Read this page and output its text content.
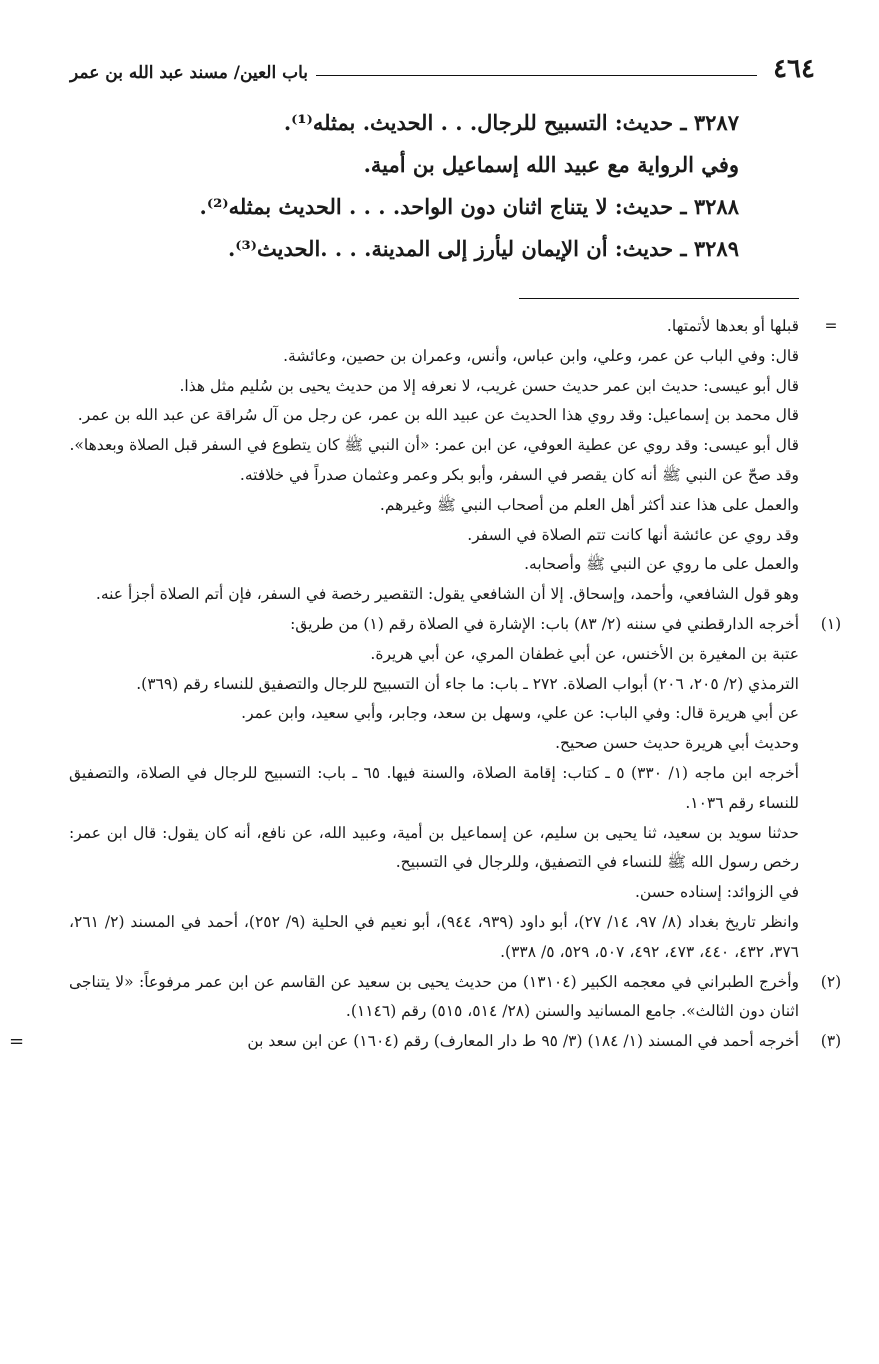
٤٦٤
باب العين/ مسند عبد الله بن عمر
٣٢٨٧ ـ حديث: التسبيح للرجال. . . الحديث. بمثله⁽¹⁾.
وفي الرواية مع عبيد الله إسماعيل بن أمية.
٣٢٨٨ ـ حديث: لا يتناج اثنان دون الواحد. . . . الحديث بمثله⁽²⁾.
٣٢٨٩ ـ حديث: أن الإيمان ليأرز إلى المدينة. . . .الحديث⁽³⁾.
=
قبلها أو بعدها لأتمتها.
قال: وفي الباب عن عمر، وعلي، وابن عباس، وأنس، وعمران بن حصين، وعائشة.
قال أبو عيسى: حديث ابن عمر حديث حسن غريب، لا نعرفه إلا من حديث يحيى بن سُليم مثل هذا.
قال محمد بن إسماعيل: وقد روي هذا الحديث عن عبيد الله بن عمر، عن رجل من آل سُراقة عن عبد الله بن عمر.
قال أبو عيسى: وقد روي عن عطية العوفي، عن ابن عمر: «أن النبي ﷺ كان يتطوع في السفر قبل الصلاة وبعدها».
وقد صحّ عن النبي ﷺ أنه كان يقصر في السفر، وأبو بكر وعمر وعثمان صدراً في خلافته.
والعمل على هذا عند أكثر أهل العلم من أصحاب النبي ﷺ وغيرهم.
وقد روي عن عائشة أنها كانت تتم الصلاة في السفر.
والعمل على ما روي عن النبي ﷺ وأصحابه.
وهو قول الشافعي، وأحمد، وإسحاق. إلا أن الشافعي يقول: التقصير رخصة في السفر، فإن أتم الصلاة أجزأ عنه.
(١)
أخرجه الدارقطني في سننه (٢/ ٨٣) باب: الإشارة في الصلاة رقم (١) من طريق:
عتبة بن المغيرة بن الأخنس، عن أبي غطفان المري، عن أبي هريرة.
الترمذي (٢/ ٢٠٥، ٢٠٦) أبواب الصلاة. ٢٧٢ ـ باب: ما جاء أن التسبيح للرجال والتصفيق للنساء رقم (٣٦٩).
عن أبي هريرة قال: وفي الباب: عن علي، وسهل بن سعد، وجابر، وأبي سعيد، وابن عمر.
وحديث أبي هريرة حديث حسن صحيح.
أخرجه ابن ماجه (١/ ٣٣٠) ٥ ـ كتاب: إقامة الصلاة، والسنة فيها. ٦٥ ـ باب: التسبيح للرجال في الصلاة، والتصفيق للنساء رقم ١٠٣٦.
حدثنا سويد بن سعيد، ثنا يحيى بن سليم، عن إسماعيل بن أمية، وعبيد الله، عن نافع، أنه كان يقول: قال ابن عمر: رخص رسول الله ﷺ للنساء في التصفيق، وللرجال في التسبيح.
في الزوائد: إسناده حسن.
وانظر تاريخ بغداد (٨/ ٩٧، ١٤/ ٢٧)، أبو داود (٩٣٩، ٩٤٤)، أبو نعيم في الحلية (٩/ ٢٥٢)، أحمد في المسند (٢/ ٢٦١، ٣٧٦، ٤٣٢، ٤٤٠، ٤٧٣، ٤٩٢، ٥٠٧، ٥٢٩، ٥/ ٣٣٨).
(٢)
وأخرج الطبراني في معجمه الكبير (١٣١٠٤) من حديث يحيى بن سعيد عن القاسم عن ابن عمر مرفوعاً: «لا يتناجى اثنان دون الثالث». جامع المسانيد والسنن (٢٨/ ٥١٤، ٥١٥) رقم (١١٤٦).
(٣)
أخرجه أحمد في المسند (١/ ١٨٤) (٣/ ٩٥ ط دار المعارف) رقم (١٦٠٤) عن ابن سعد بن
=
